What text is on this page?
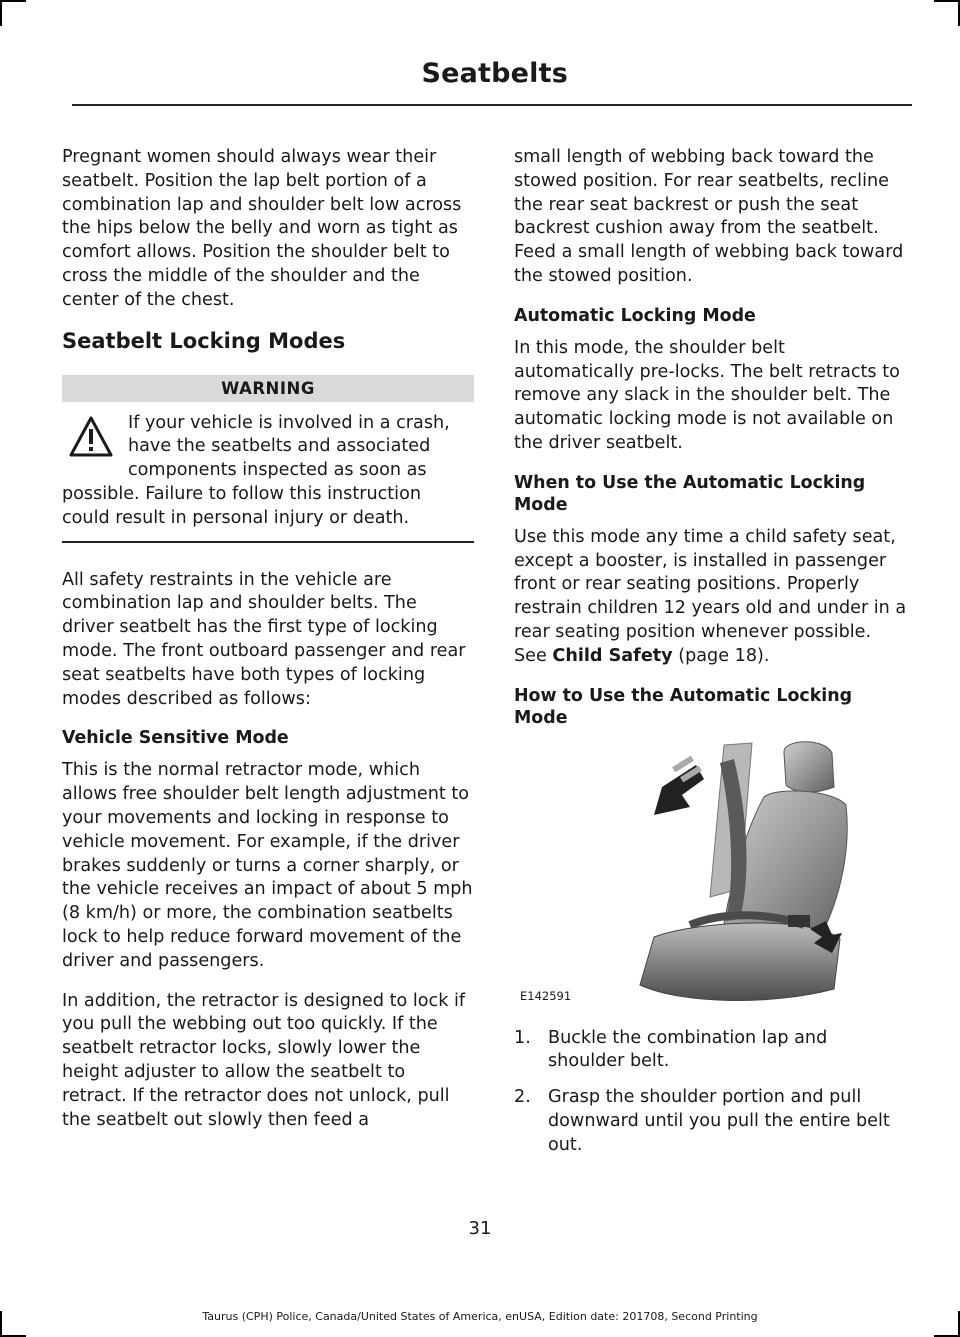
Seatbelts

Pregnant women should always wear their seatbelt. Position the lap belt portion of a combination lap and shoulder belt low across the hips below the belly and worn as tight as comfort allows. Position the shoulder belt to cross the middle of the shoulder and the center of the chest.

Seatbelt Locking Modes
WARNING
If your vehicle is involved in a crash, have the seatbelts and associated components inspected as soon as possible. Failure to follow this instruction could result in personal injury or death.

All safety restraints in the vehicle are combination lap and shoulder belts. The driver seatbelt has the first type of locking mode. The front outboard passenger and rear seat seatbelts have both types of locking modes described as follows:

Vehicle Sensitive Mode

This is the normal retractor mode, which allows free shoulder belt length adjustment to your movements and locking in response to vehicle movement. For example, if the driver brakes suddenly or turns a corner sharply, or the vehicle receives an impact of about 5 mph (8 km/h) or more, the combination seatbelts lock to help reduce forward movement of the driver and passengers.

In addition, the retractor is designed to lock if you pull the webbing out too quickly. If the seatbelt retractor locks, slowly lower the height adjuster to allow the seatbelt to retract. If the retractor does not unlock, pull the seatbelt out slowly then feed a

small length of webbing back toward the stowed position. For rear seatbelts, recline the rear seat backrest or push the seat backrest cushion away from the seatbelt. Feed a small length of webbing back toward the stowed position.

Automatic Locking Mode

In this mode, the shoulder belt automatically pre-locks. The belt retracts to remove any slack in the shoulder belt. The automatic locking mode is not available on the driver seatbelt.

When to Use the Automatic Locking Mode

Use this mode any time a child safety seat, except a booster, is installed in passenger front or rear seating positions. Properly restrain children 12 years old and under in a rear seating position whenever possible. See Child Safety (page 18).

How to Use the Automatic Locking Mode
E142591
1. Buckle the combination lap and shoulder belt.
2. Grasp the shoulder portion and pull downward until you pull the entire belt out.
31
Taurus (CPH) Police, Canada/United States of America, enUSA, Edition date: 201708, Second Printing
